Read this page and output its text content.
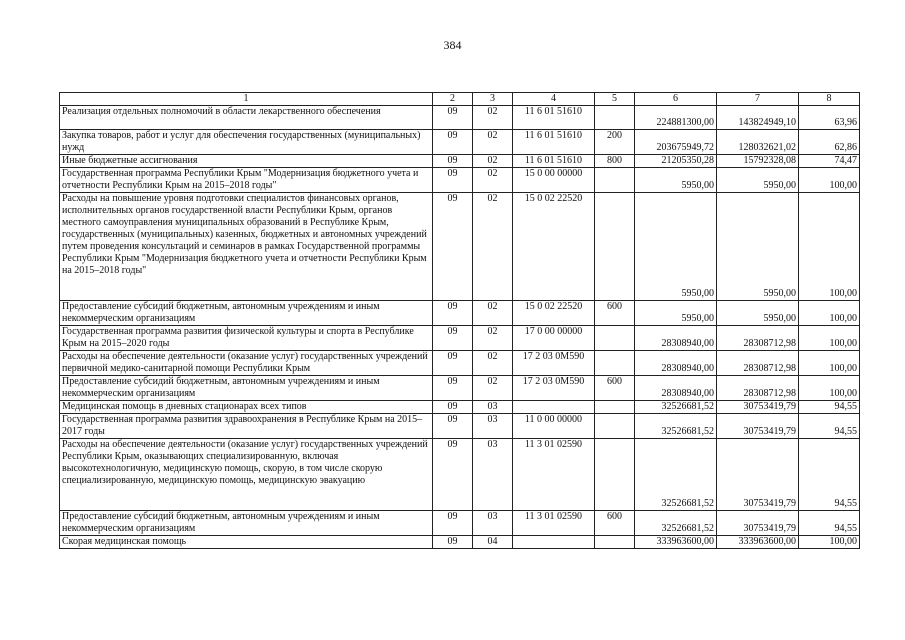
384
1	2	3	4	5	6	7	8
Реализация отдельных полномочий в области лекарственного обеспечения	09	02	11 6 01 51610		224881300,00	143824949,10	63,96
Закупка товаров, работ и услуг для обеспечения государственных (муниципальных) нужд	09	02	11 6 01 51610	200	203675949,72	128032621,02	62,86
Иные бюджетные ассигнования	09	02	11 6 01 51610	800	21205350,28	15792328,08	74,47
Государственная программа Республики Крым "Модернизация бюджетного учета и отчетности Республики Крым на 2015–2018 годы"	09	02	15 0 00 00000		5950,00	5950,00	100,00
Расходы на повышение уровня подготовки специалистов финансовых органов, исполнительных органов государственной власти Республики Крым, органов местного самоуправления муниципальных образований в Республике Крым, государственных (муниципальных) казенных, бюджетных и автономных учреждений путем проведения консультаций и семинаров в рамках Государственной программы Республики Крым "Модернизация бюджетного учета и отчетности Республики Крым на 2015–2018 годы"	09	02	15 0 02 22520		5950,00	5950,00	100,00
Предоставление субсидий бюджетным, автономным учреждениям и иным некоммерческим организациям	09	02	15 0 02 22520	600	5950,00	5950,00	100,00
Государственная программа развития физической культуры и спорта в Республике Крым на 2015–2020 годы	09	02	17 0 00 00000		28308940,00	28308712,98	100,00
Расходы на обеспечение деятельности (оказание услуг) государственных учреждений первичной медико-санитарной помощи Республики Крым	09	02	17 2 03 0М590		28308940,00	28308712,98	100,00
Предоставление субсидий бюджетным, автономным учреждениям и иным некоммерческим организациям	09	02	17 2 03 0М590	600	28308940,00	28308712,98	100,00
Медицинская помощь в дневных стационарах всех типов	09	03			32526681,52	30753419,79	94,55
Государственная программа развития здравоохранения в Республике Крым на 2015–2017 годы	09	03	11 0 00 00000		32526681,52	30753419,79	94,55
Расходы на обеспечение деятельности (оказание услуг) государственных учреждений Республики Крым, оказывающих специализированную, включая высокотехнологичную, медицинскую помощь, скорую, в том числе скорую специализированную, медицинскую помощь, медицинскую эвакуацию	09	03	11 3 01 02590		32526681,52	30753419,79	94,55
Предоставление субсидий бюджетным, автономным учреждениям и иным некоммерческим организациям	09	03	11 3 01 02590	600	32526681,52	30753419,79	94,55
Скорая медицинская помощь	09	04			333963600,00	333963600,00	100,00
